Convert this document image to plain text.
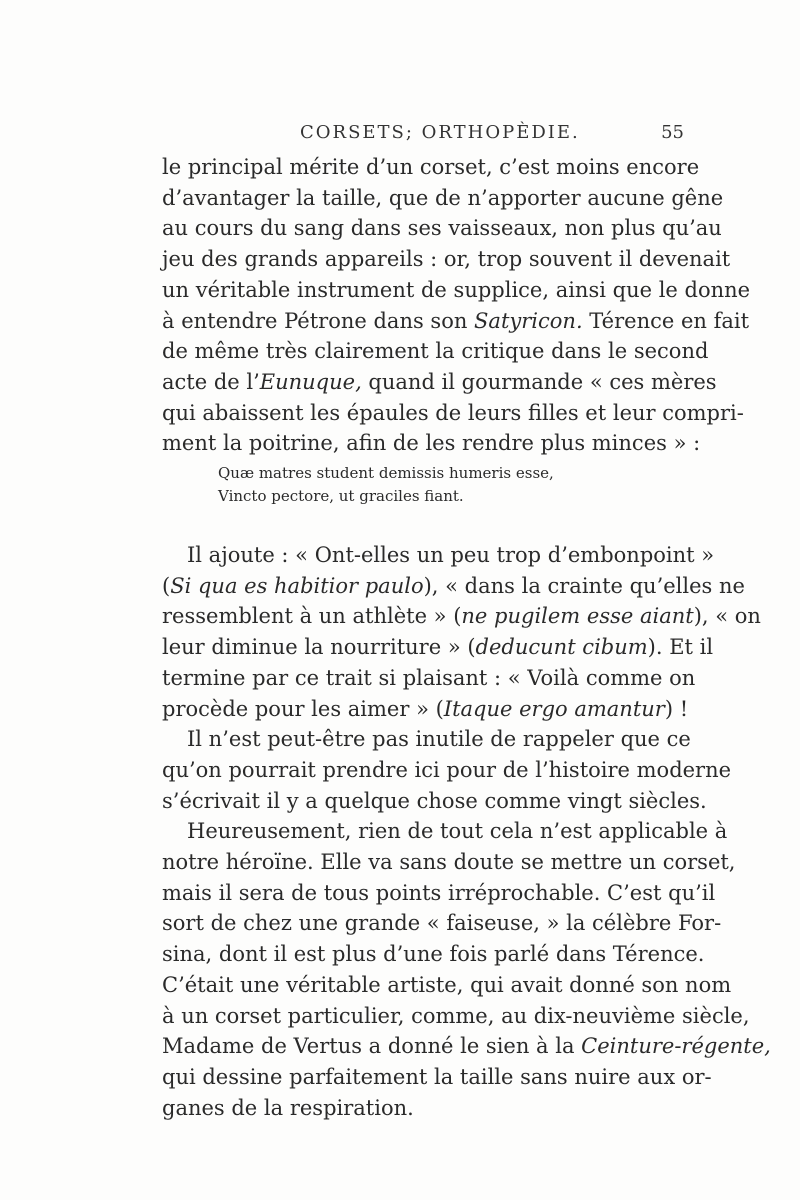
CORSETS; ORTHOPÈDIE.	55
le principal mérite d’un corset, c’est moins encore
d’avantager la taille, que de n’apporter aucune gêne
au cours du sang dans ses vaisseaux, non plus qu’au
jeu des grands appareils : or, trop souvent il devenait
un véritable instrument de supplice, ainsi que le donne
à entendre Pétrone dans son Satyricon. Térence en fait
de même très clairement la critique dans le second
acte de l’Eunuque, quand il gourmande « ces mères
qui abaissent les épaules de leurs filles et leur compri-
ment la poitrine, afin de les rendre plus minces » :
Quæ matres student demissis humeris esse,
Vincto pectore, ut graciles fiant.
Il ajoute : « Ont-elles un peu trop d’embonpoint »
(Si qua es habitior paulo), « dans la crainte qu’elles ne
ressemblent à un athlète » (ne pugilem esse aiant), « on
leur diminue la nourriture » (deducunt cibum). Et il
termine par ce trait si plaisant : « Voilà comme on
procède pour les aimer » (Itaque ergo amantur) !
Il n’est peut-être pas inutile de rappeler que ce
qu’on pourrait prendre ici pour de l’histoire moderne
s’écrivait il y a quelque chose comme vingt siècles.
Heureusement, rien de tout cela n’est applicable à
notre héroïne. Elle va sans doute se mettre un corset,
mais il sera de tous points irréprochable. C’est qu’il
sort de chez une grande « faiseuse, » la célèbre For-
sina, dont il est plus d’une fois parlé dans Térence.
C’était une véritable artiste, qui avait donné son nom
à un corset particulier, comme, au dix-neuvième siècle,
Madame de Vertus a donné le sien à la Ceinture-régente,
qui dessine parfaitement la taille sans nuire aux or-
ganes de la respiration.
